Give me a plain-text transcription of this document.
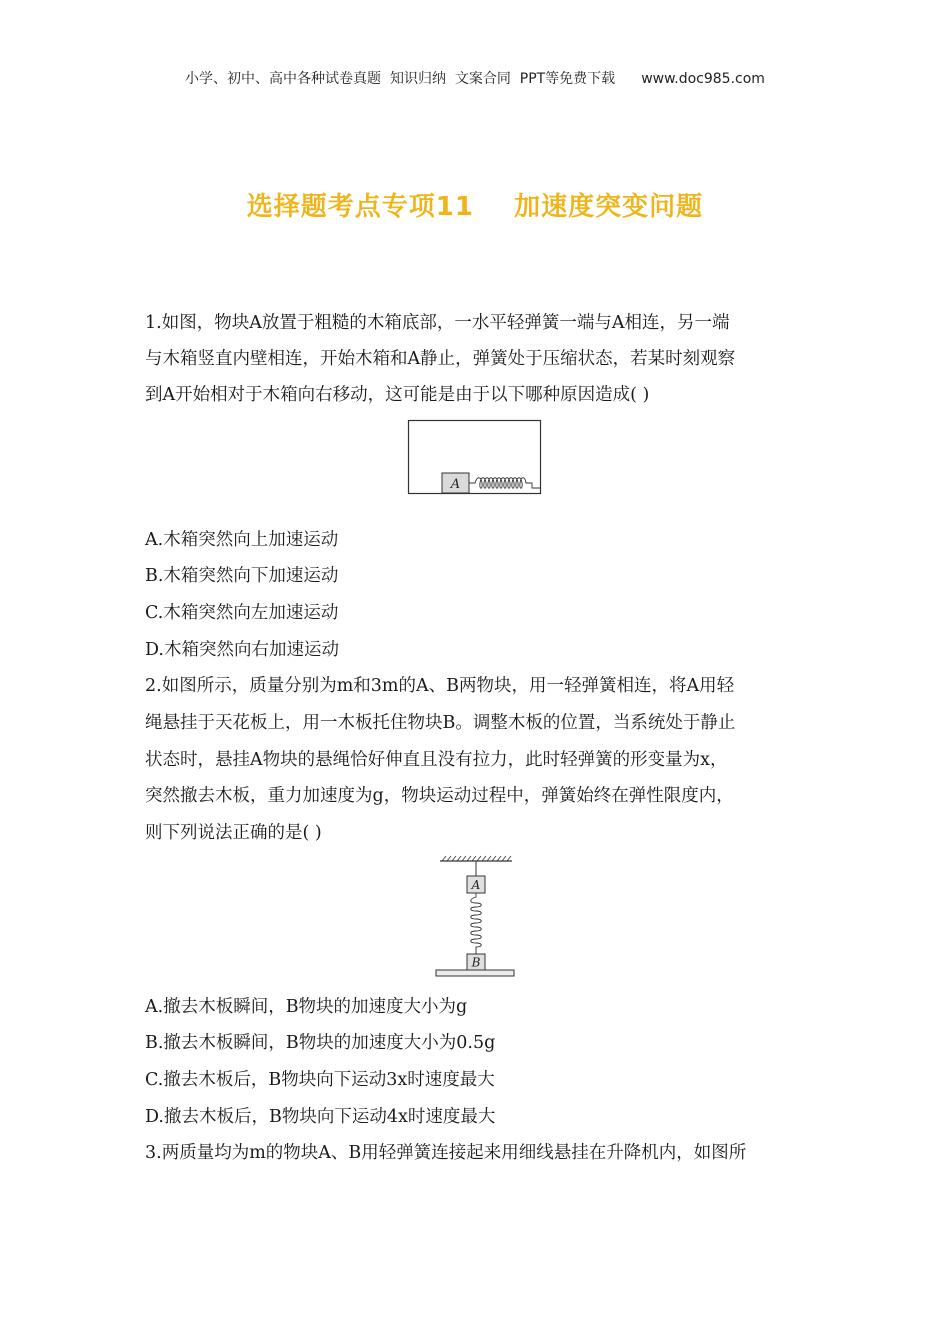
小学、初中、高中各种试卷真题  知识归纳  文案合同  PPT等免费下载 www.doc985.com
选择题考点专项11    加速度突变问题
1.如图，物块A放置于粗糙的木箱底部，一水平轻弹簧一端与A相连，另一端
与木箱竖直内壁相连，开始木箱和A静止，弹簧处于压缩状态，若某时刻观察
到A开始相对于木箱向右移动，这可能是由于以下哪种原因造成( )
A
A.木箱突然向上加速运动
B.木箱突然向下加速运动
C.木箱突然向左加速运动
D.木箱突然向右加速运动
2.如图所示，质量分别为m和3m的A、B两物块，用一轻弹簧相连，将A用轻
绳悬挂于天花板上，用一木板托住物块B。调整木板的位置，当系统处于静止
状态时，悬挂A物块的悬绳恰好伸直且没有拉力，此时轻弹簧的形变量为x，
突然撤去木板，重力加速度为g，物块运动过程中，弹簧始终在弹性限度内，
则下列说法正确的是( )
A
B
A.撤去木板瞬间，B物块的加速度大小为g
B.撤去木板瞬间，B物块的加速度大小为0.5g
C.撤去木板后，B物块向下运动3x时速度最大
D.撤去木板后，B物块向下运动4x时速度最大
3.两质量均为m的物块A、B用轻弹簧连接起来用细线悬挂在升降机内，如图所
